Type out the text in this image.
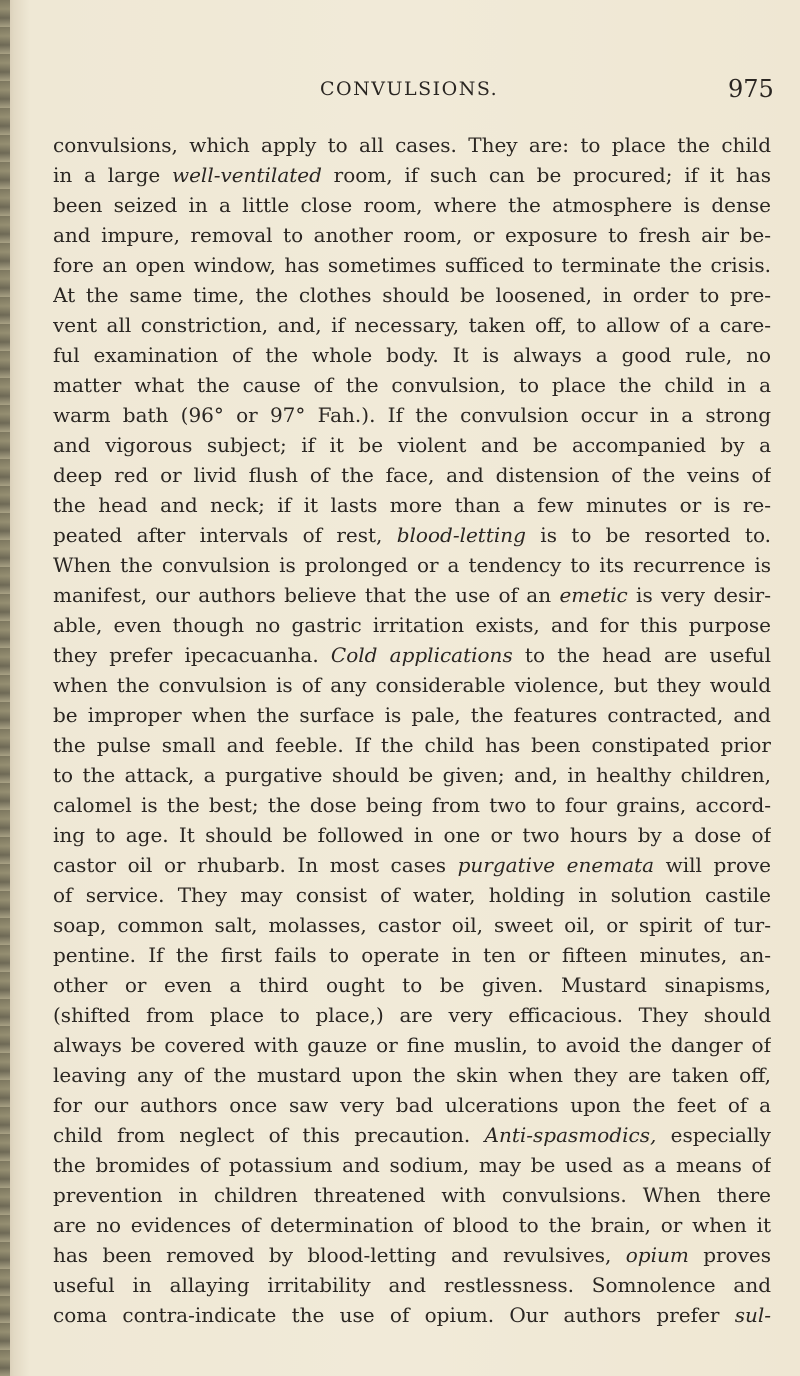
CONVULSIONS.	975
convulsions, which apply to all cases. They are: to place the child
in a large well-ventilated room, if such can be procured; if it has
been seized in a little close room, where the atmosphere is dense
and impure, removal to another room, or exposure to fresh air be-
fore an open window, has sometimes sufficed to terminate the crisis.
At the same time, the clothes should be loosened, in order to pre-
vent all constriction, and, if necessary, taken off, to allow of a care-
ful examination of the whole body. It is always a good rule, no
matter what the cause of the convulsion, to place the child in a
warm bath (96° or 97° Fah.). If the convulsion occur in a strong
and vigorous subject; if it be violent and be accompanied by a
deep red or livid flush of the face, and distension of the veins of
the head and neck; if it lasts more than a few minutes or is re-
peated after intervals of rest, blood-letting is to be resorted to.
When the convulsion is prolonged or a tendency to its recurrence is
manifest, our authors believe that the use of an emetic is very desir-
able, even though no gastric irritation exists, and for this purpose
they prefer ipecacuanha. Cold applications to the head are useful
when the convulsion is of any considerable violence, but they would
be improper when the surface is pale, the features contracted, and
the pulse small and feeble. If the child has been constipated prior
to the attack, a purgative should be given; and, in healthy children,
calomel is the best; the dose being from two to four grains, accord-
ing to age. It should be followed in one or two hours by a dose of
castor oil or rhubarb. In most cases purgative enemata will prove
of service. They may consist of water, holding in solution castile
soap, common salt, molasses, castor oil, sweet oil, or spirit of tur-
pentine. If the first fails to operate in ten or fifteen minutes, an-
other or even a third ought to be given. Mustard sinapisms,
(shifted from place to place,) are very efficacious. They should
always be covered with gauze or fine muslin, to avoid the danger of
leaving any of the mustard upon the skin when they are taken off,
for our authors once saw very bad ulcerations upon the feet of a
child from neglect of this precaution. Anti-spasmodics, especially
the bromides of potassium and sodium, may be used as a means of
prevention in children threatened with convulsions. When there
are no evidences of determination of blood to the brain, or when it
has been removed by blood-letting and revulsives, opium proves
useful in allaying irritability and restlessness. Somnolence and
coma contra-indicate the use of opium. Our authors prefer sul-
